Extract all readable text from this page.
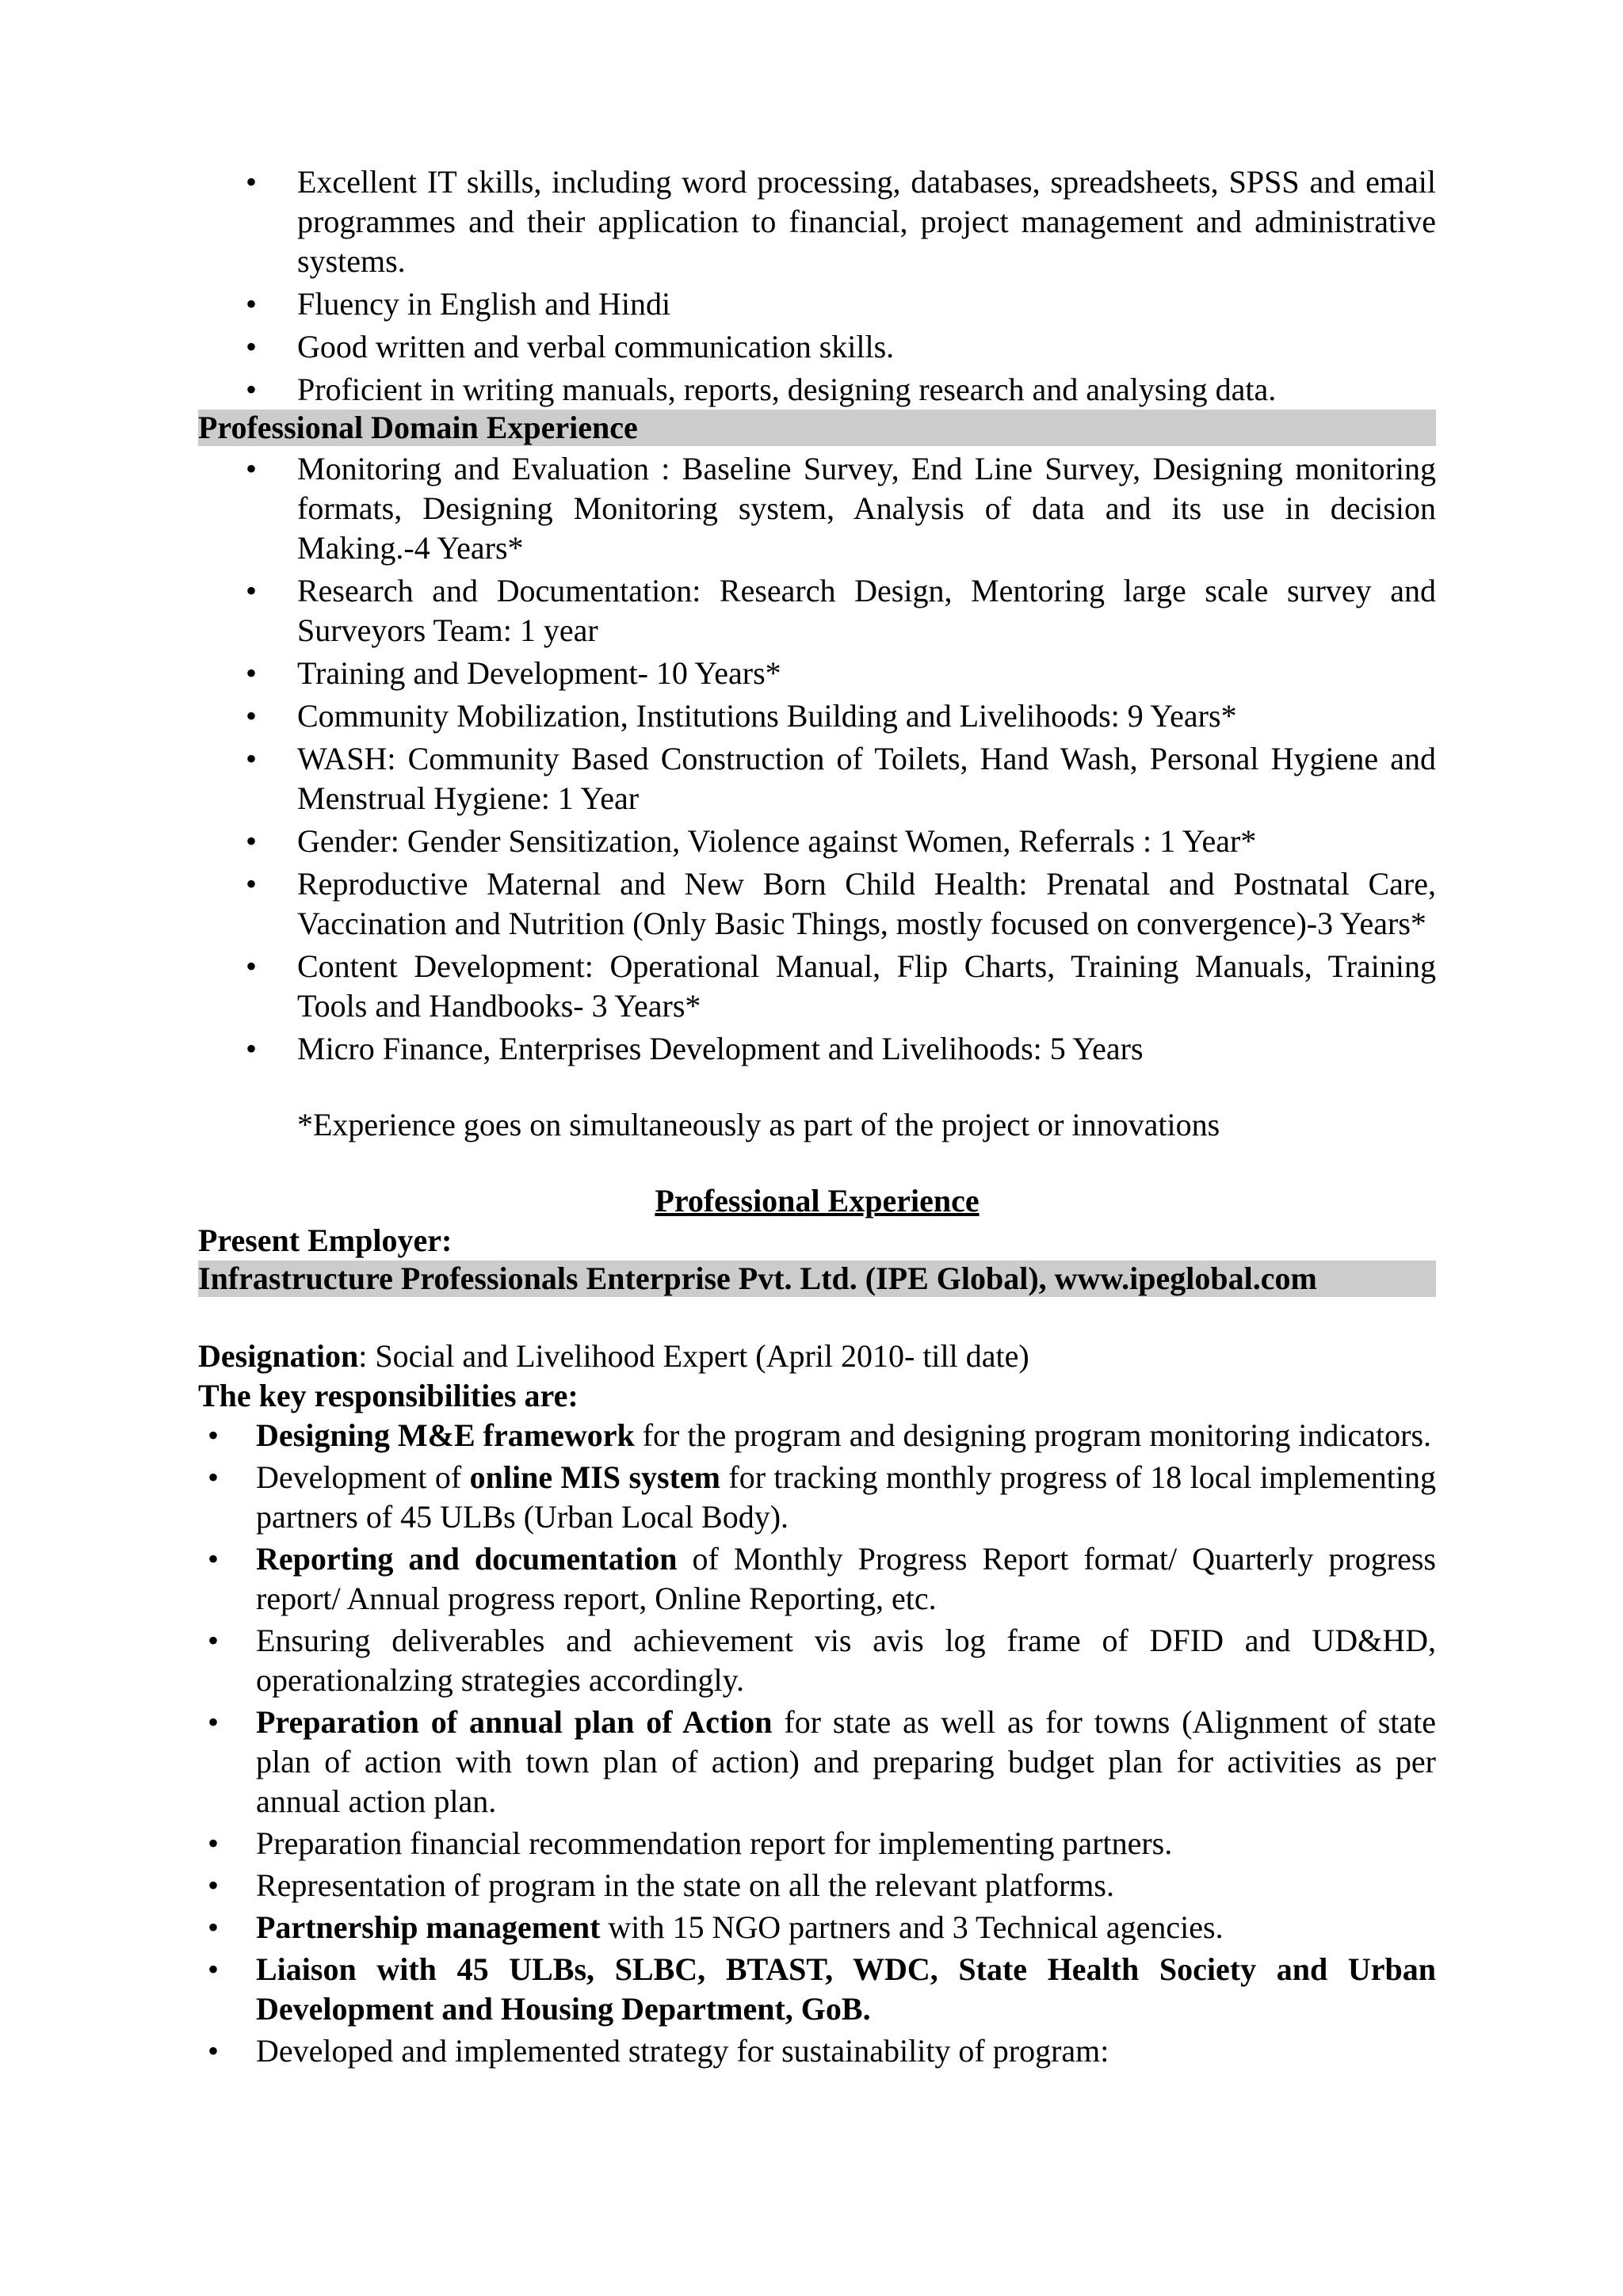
• Excellent IT skills, including word processing, databases, spreadsheets, SPSS and email programmes and their application to financial, project management and administrative systems.
• Fluency in English and Hindi
• Good written and verbal communication skills.
• Proficient in writing manuals, reports, designing research and analysing data.
Professional Domain Experience
• Monitoring and Evaluation : Baseline Survey, End Line Survey, Designing monitoring formats, Designing Monitoring system, Analysis of data and its use in decision Making.-4 Years*
• Research and Documentation: Research Design, Mentoring large scale survey and Surveyors Team: 1 year
• Training and Development- 10 Years*
• Community Mobilization, Institutions Building and Livelihoods: 9 Years*
• WASH: Community Based Construction of Toilets, Hand Wash, Personal Hygiene and Menstrual Hygiene: 1 Year
• Gender: Gender Sensitization, Violence against Women, Referrals : 1 Year*
• Reproductive Maternal and New Born Child Health: Prenatal and Postnatal Care, Vaccination and Nutrition (Only Basic Things, mostly focused on convergence)-3 Years*
• Content Development: Operational Manual, Flip Charts, Training Manuals, Training Tools and Handbooks- 3 Years*
• Micro Finance, Enterprises Development and Livelihoods: 5 Years

*Experience goes on simultaneously as part of the project or innovations

Professional Experience

Present Employer:

Infrastructure Professionals Enterprise Pvt. Ltd. (IPE Global), www.ipeglobal.com

Designation: Social and Livelihood Expert (April 2010- till date)

The key responsibilities are:

• Designing M&E framework for the program and designing program monitoring indicators.
• Development of online MIS system for tracking monthly progress of 18 local implementing partners of 45 ULBs (Urban Local Body).
• Reporting and documentation of Monthly Progress Report format/ Quarterly progress report/ Annual progress report, Online Reporting, etc.
• Ensuring deliverables and achievement vis avis log frame of DFID and UD&HD, operationalzing strategies accordingly.
• Preparation of annual plan of Action for state as well as for towns (Alignment of state plan of action with town plan of action) and preparing budget plan for activities as per annual action plan.
• Preparation financial recommendation report for implementing partners.
• Representation of program in the state on all the relevant platforms.
• Partnership management with 15 NGO partners and 3 Technical agencies.
• Liaison with 45 ULBs, SLBC, BTAST, WDC, State Health Society and Urban Development and Housing Department, GoB.
• Developed and implemented strategy for sustainability of program:
